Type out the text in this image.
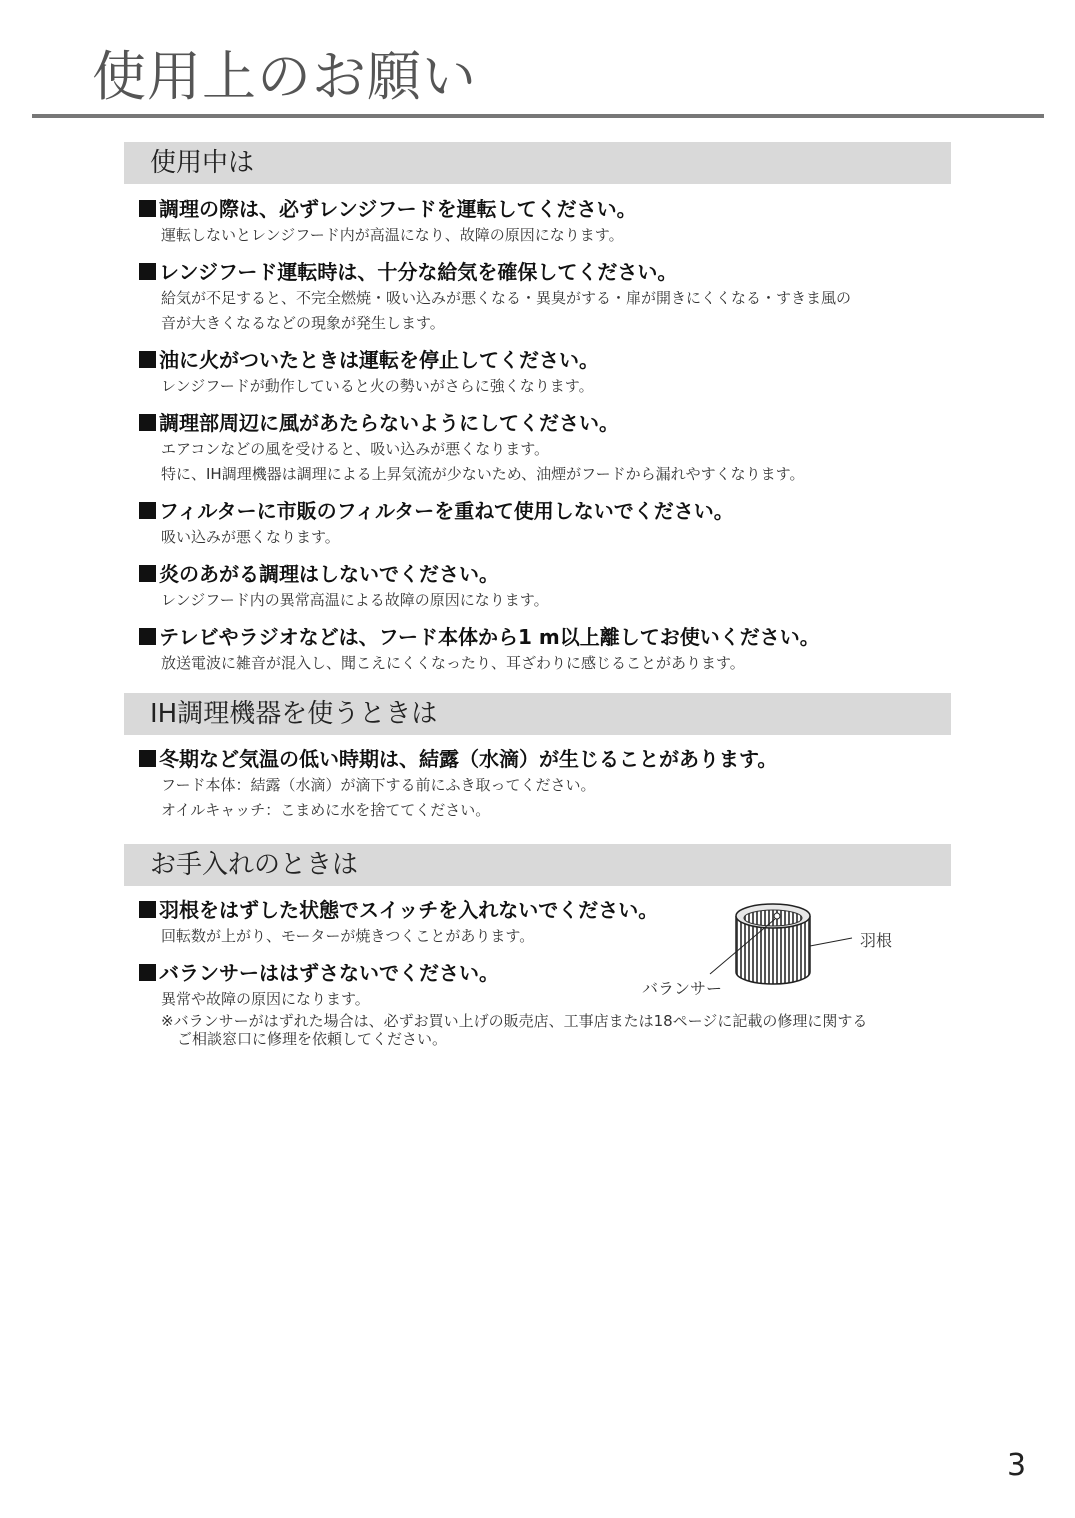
使用上のお願い
使用中は
調理の際は、必ずレンジフードを運転してください。
運転しないとレンジフード内が高温になり、故障の原因になります。
レンジフード運転時は、十分な給気を確保してください。
給気が不足すると、不完全燃焼・吸い込みが悪くなる・異臭がする・扉が開きにくくなる・すきま風の
音が大きくなるなどの現象が発生します。
油に火がついたときは運転を停止してください。
レンジフードが動作していると火の勢いがさらに強くなります。
調理部周辺に風があたらないようにしてください。
エアコンなどの風を受けると、吸い込みが悪くなります。
特に、IH調理機器は調理による上昇気流が少ないため、油煙がフードから漏れやすくなります。
フィルターに市販のフィルターを重ねて使用しないでください。
吸い込みが悪くなります。
炎のあがる調理はしないでください。
レンジフード内の異常高温による故障の原因になります。
テレビやラジオなどは、フード本体から1 m以上離してお使いください。
放送電波に雑音が混入し、聞こえにくくなったり、耳ざわりに感じることがあります。
IH調理機器を使うときは
冬期など気温の低い時期は、結露（水滴）が生じることがあります。
フード本体：結露（水滴）が滴下する前にふき取ってください。
オイルキャッチ：こまめに水を捨ててください。
お手入れのときは
羽根をはずした状態でスイッチを入れないでください。
回転数が上がり、モーターが焼きつくことがあります。
バランサーははずさないでください。
異常や故障の原因になります。
※バランサーがはずれた場合は、必ずお買い上げの販売店、工事店または18ページに記載の修理に関する
ご相談窓口に修理を依頼してください。
羽根
バランサー
3
